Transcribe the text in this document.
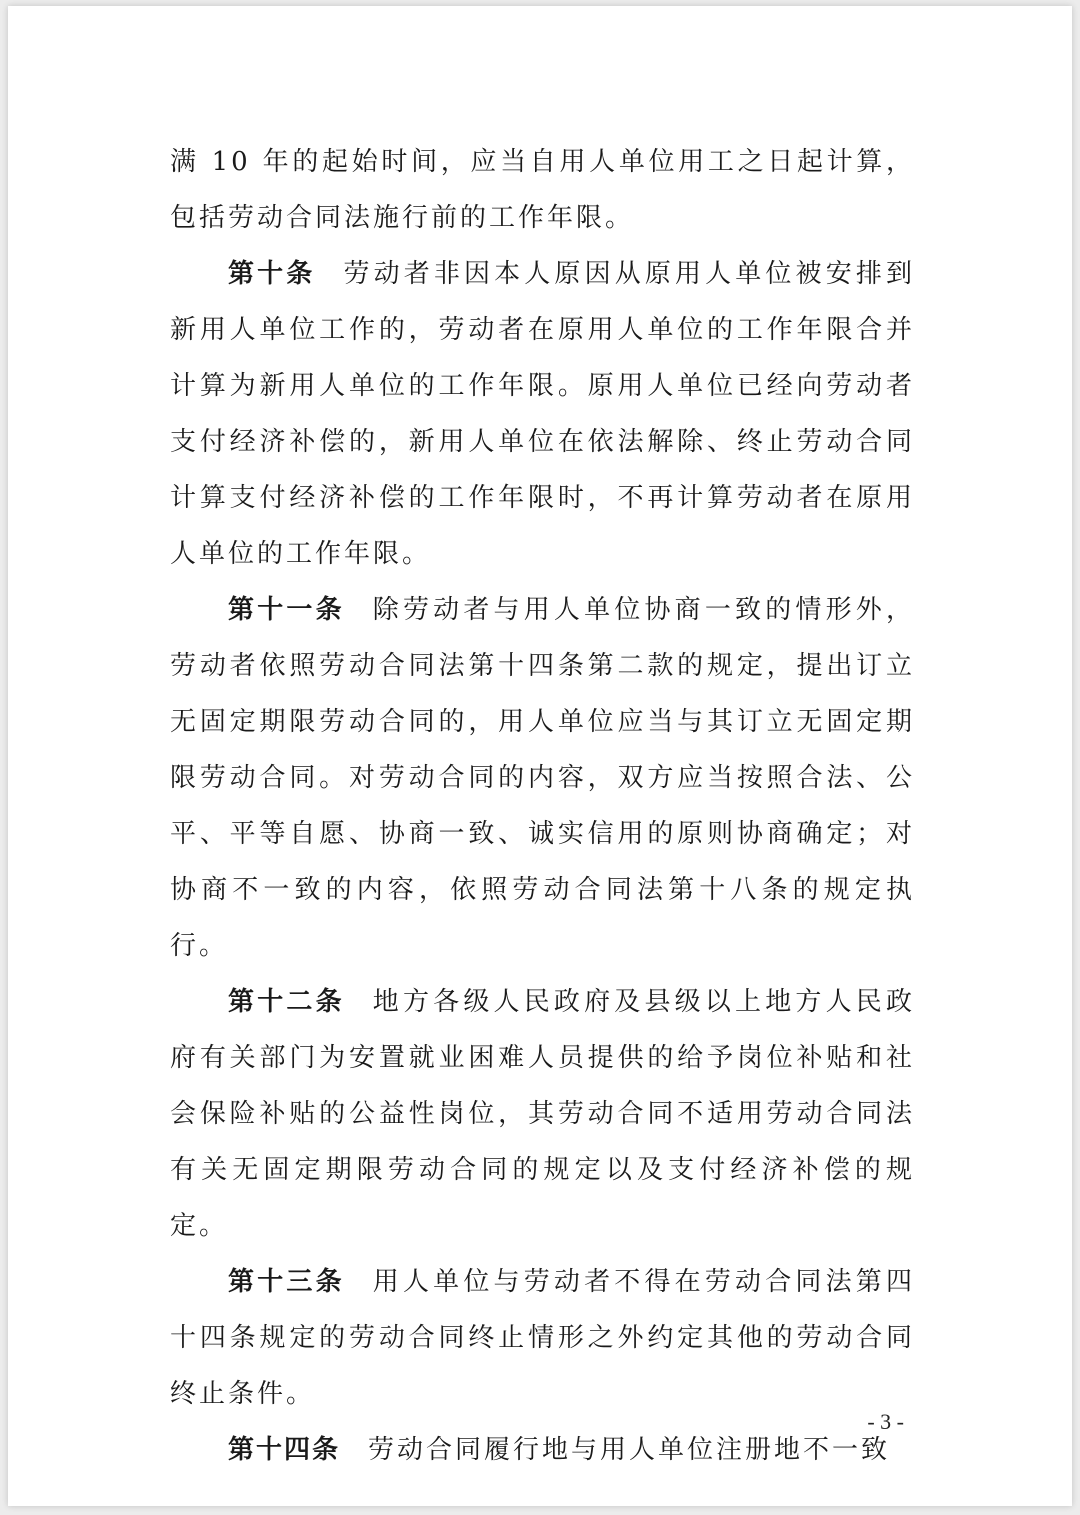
满 10 年的起始时间，应当自用人单位用工之日起计算，包括劳动合同法施行前的工作年限。

第十条 劳动者非因本人原因从原用人单位被安排到新用人单位工作的，劳动者在原用人单位的工作年限合并计算为新用人单位的工作年限。原用人单位已经向劳动者支付经济补偿的，新用人单位在依法解除、终止劳动合同计算支付经济补偿的工作年限时，不再计算劳动者在原用人单位的工作年限。

第十一条 除劳动者与用人单位协商一致的情形外，劳动者依照劳动合同法第十四条第二款的规定，提出订立无固定期限劳动合同的，用人单位应当与其订立无固定期限劳动合同。对劳动合同的内容，双方应当按照合法、公平、平等自愿、协商一致、诚实信用的原则协商确定；对协商不一致的内容，依照劳动合同法第十八条的规定执行。

第十二条 地方各级人民政府及县级以上地方人民政府有关部门为安置就业困难人员提供的给予岗位补贴和社会保险补贴的公益性岗位，其劳动合同不适用劳动合同法有关无固定期限劳动合同的规定以及支付经济补偿的规定。

第十三条 用人单位与劳动者不得在劳动合同法第四十四条规定的劳动合同终止情形之外约定其他的劳动合同终止条件。

第十四条 劳动合同履行地与用人单位注册地不一致

- 3 -
